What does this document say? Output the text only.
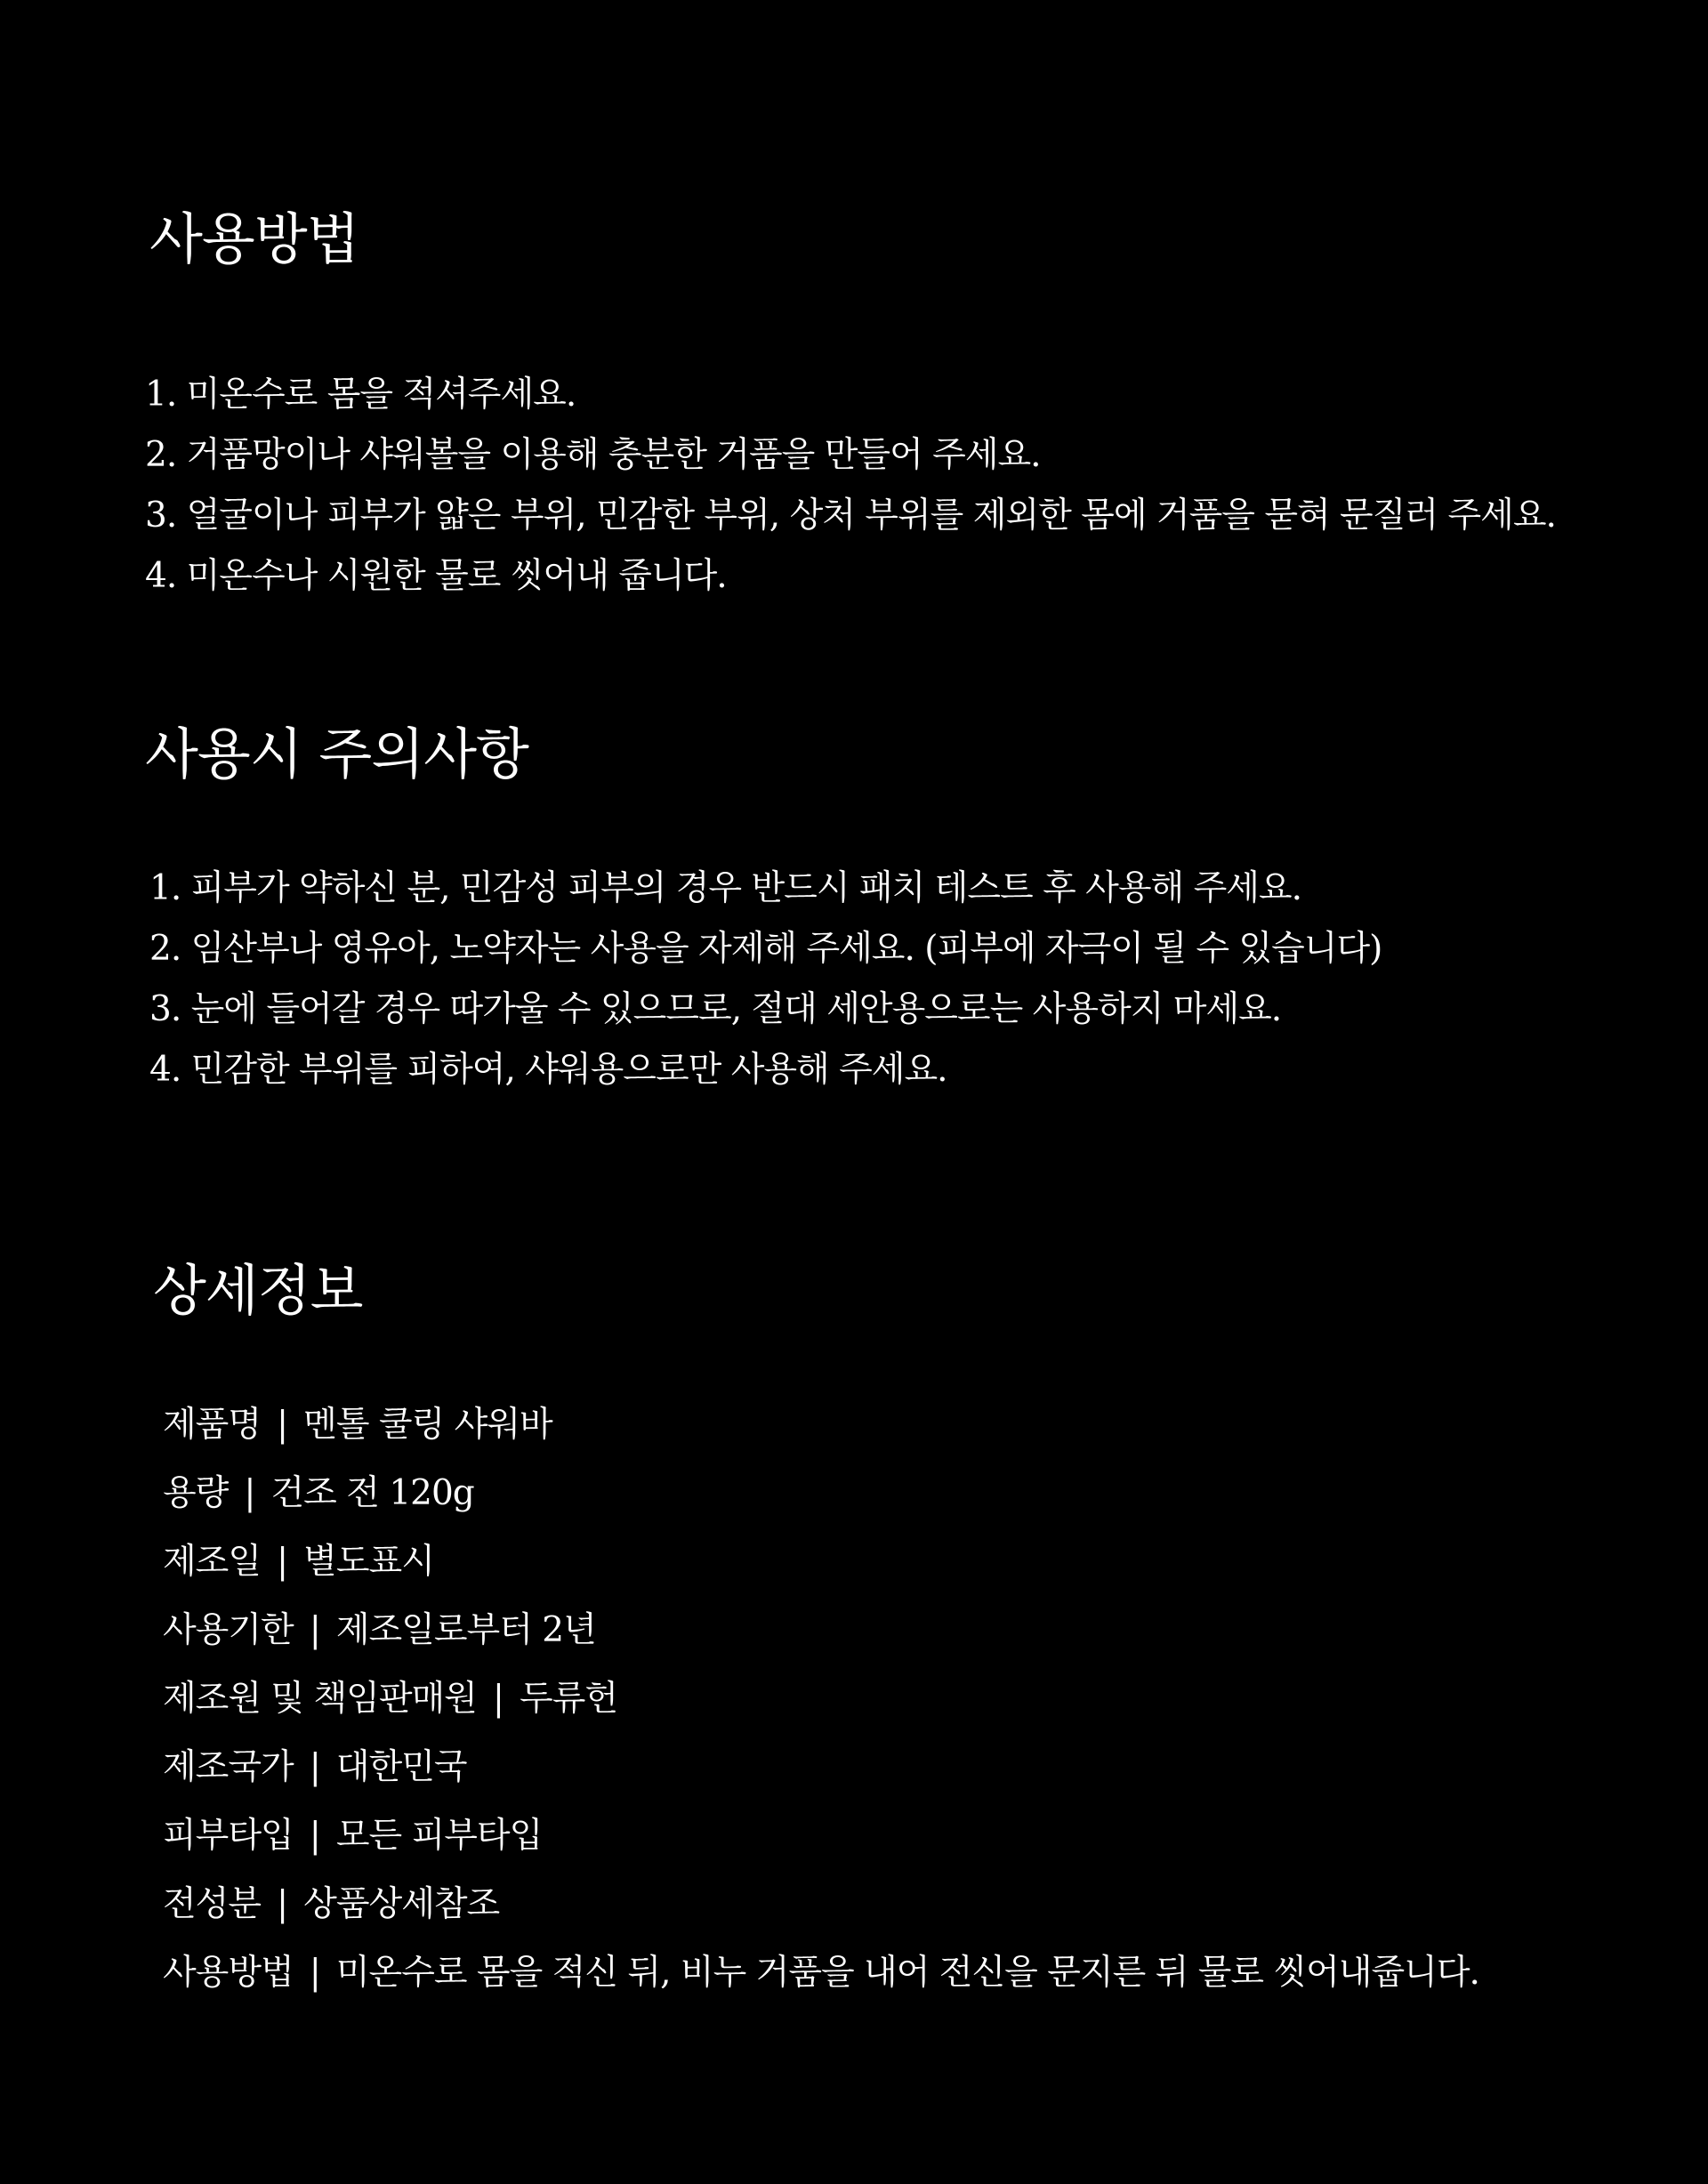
사용방법
1. 미온수로 몸을 적셔주세요.
2. 거품망이나 샤워볼을 이용해 충분한 거품을 만들어 주세요.
3. 얼굴이나 피부가 얇은 부위, 민감한 부위, 상처 부위를 제외한 몸에 거품을 묻혀 문질러 주세요.
4. 미온수나 시원한 물로 씻어내 줍니다.
사용시 주의사항
1. 피부가 약하신 분, 민감성 피부의 경우 반드시 패치 테스트 후 사용해 주세요.
2. 임산부나 영유아, 노약자는 사용을 자제해 주세요. (피부에 자극이 될 수 있습니다)
3. 눈에 들어갈 경우 따가울 수 있으므로, 절대 세안용으로는 사용하지 마세요.
4. 민감한 부위를 피하여, 샤워용으로만 사용해 주세요.
상세정보
제품명 | 멘톨 쿨링 샤워바
용량 | 건조 전 120g
제조일 | 별도표시
사용기한 | 제조일로부터 2년
제조원 및 책임판매원 | 두류헌
제조국가 | 대한민국
피부타입 | 모든 피부타입
전성분 | 상품상세참조
사용방법 | 미온수로 몸을 적신 뒤, 비누 거품을 내어 전신을 문지른 뒤 물로 씻어내줍니다.
